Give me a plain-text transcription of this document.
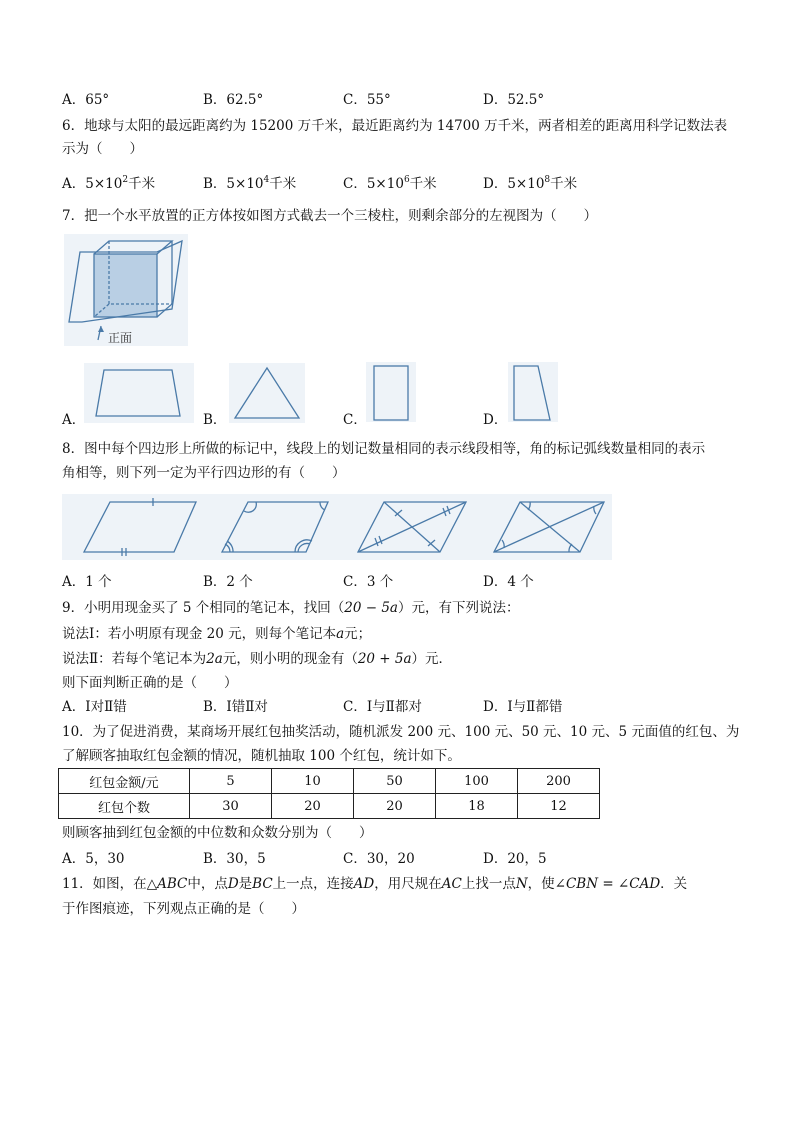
A．65°	B．62.5°	C．55°	D．52.5°
6．地球与太阳的最远距离约为 15200 万千米，最近距离约为 14700 万千米，两者相差的距离用科学记数法表
示为（　　）
A．$5\times 10^2$千米	B．$5\times 10^4$千米	C．$5\times 10^6$千米	D．$5\times 10^8$千米
7．把一个水平放置的正方体按如图方式截去一个三棱柱，则剩余部分的左视图为（　　）
正面
A．	B．	C．	D．
8．图中每个四边形上所做的标记中，线段上的划记数量相同的表示线段相等，角的标记弧线数量相同的表示
角相等，则下列一定为平行四边形的有（　　）
A．1 个	B．2 个	C．3 个	D．4 个
9．小明用现金买了 5 个相同的笔记本，找回（20 − 5a）元，有下列说法：
说法Ⅰ：若小明原有现金 20 元，则每个笔记本a元；
说法Ⅱ：若每个笔记本为2a元，则小明的现金有（20 + 5a）元．
则下面判断正确的是（　　）
A．Ⅰ对Ⅱ错	B．Ⅰ错Ⅱ对	C．Ⅰ与Ⅱ都对	D．Ⅰ与Ⅱ都错
10．为了促进消费，某商场开展红包抽奖活动，随机派发 200 元、100 元、50 元、10 元、5 元面值的红包、为
了解顾客抽取红包金额的情况，随机抽取 100 个红包，统计如下。
红包金额/元	5	10	50	100	200
红包个数	30	20	20	18	12
则顾客抽到红包金额的中位数和众数分别为（　　）
A．5，30	B．30，5	C．30，20	D．20，5
11．如图，在△ABC中，点D是BC上一点，连接AD，用尺规在AC上找一点N，使∠CBN = ∠CAD．关
于作图痕迹，下列观点正确的是（　　）
